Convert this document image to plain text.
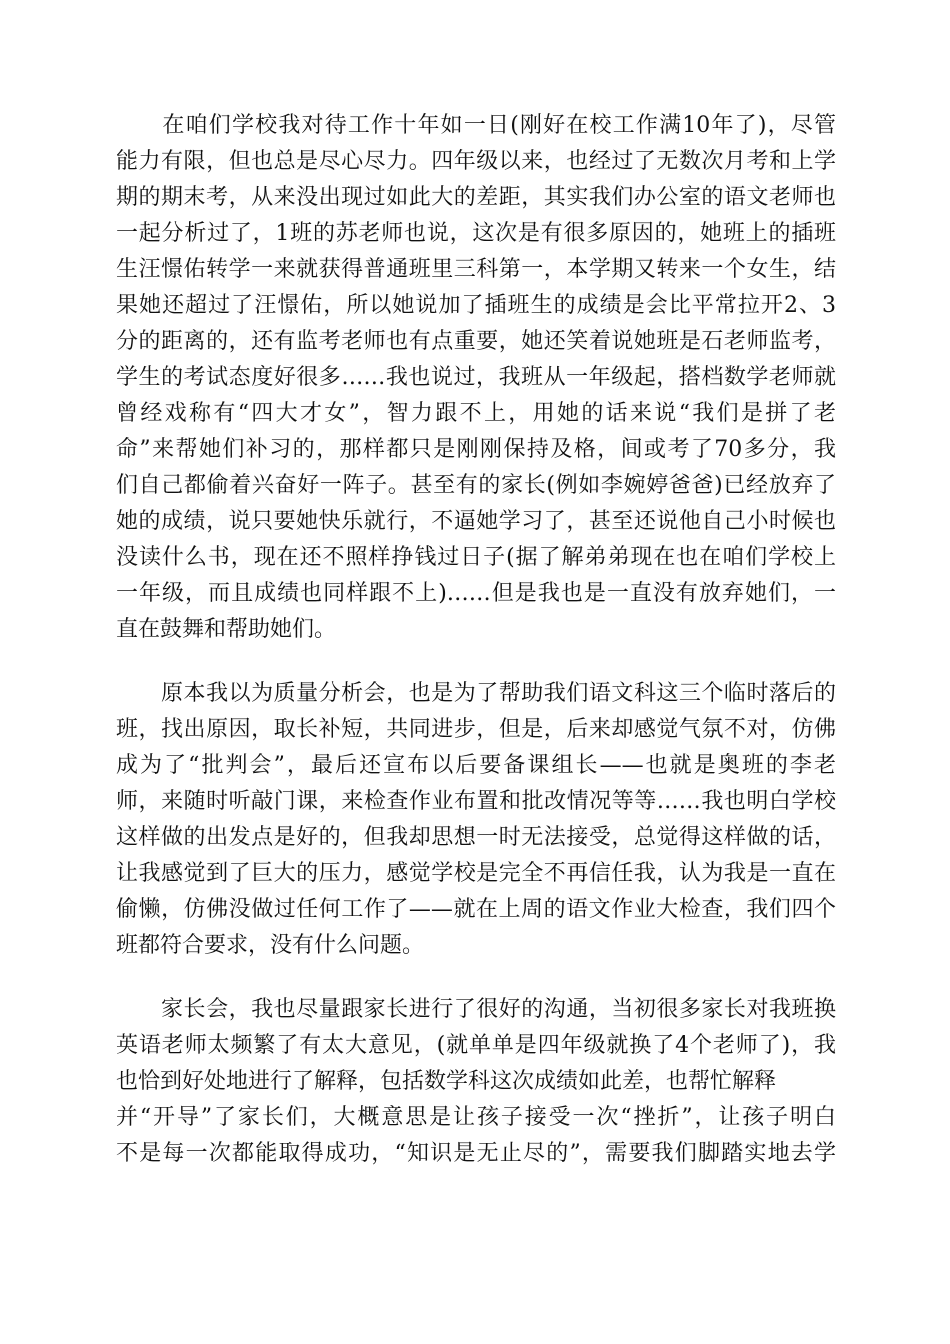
　　在咱们学校我对待工作十年如一日(刚好在校工作满10年了)，尽管
能力有限，但也总是尽心尽力。四年级以来，也经过了无数次月考和上学
期的期末考，从来没出现过如此大的差距，其实我们办公室的语文老师也
一起分析过了，1班的苏老师也说，这次是有很多原因的，她班上的插班
生汪憬佑转学一来就获得普通班里三科第一，本学期又转来一个女生，结
果她还超过了汪憬佑，所以她说加了插班生的成绩是会比平常拉开2、3
分的距离的，还有监考老师也有点重要，她还笑着说她班是石老师监考，
学生的考试态度好很多……我也说过，我班从一年级起，搭档数学老师就
曾经戏称有“四大才女”，智力跟不上，用她的话来说“我们是拼了老
命”来帮她们补习的，那样都只是刚刚保持及格，间或考了70多分，我
们自己都偷着兴奋好一阵子。甚至有的家长(例如李婉婷爸爸)已经放弃了
她的成绩，说只要她快乐就行，不逼她学习了，甚至还说他自己小时候也
没读什么书，现在还不照样挣钱过日子(据了解弟弟现在也在咱们学校上
一年级，而且成绩也同样跟不上)……但是我也是一直没有放弃她们，一
直在鼓舞和帮助她们。

　　原本我以为质量分析会，也是为了帮助我们语文科这三个临时落后的
班，找出原因，取长补短，共同进步，但是，后来却感觉气氛不对，仿佛
成为了“批判会”，最后还宣布以后要备课组长——也就是奥班的李老
师，来随时听敲门课，来检查作业布置和批改情况等等……我也明白学校
这样做的出发点是好的，但我却思想一时无法接受，总觉得这样做的话，
让我感觉到了巨大的压力，感觉学校是完全不再信任我，认为我是一直在
偷懒，仿佛没做过任何工作了——就在上周的语文作业大检查，我们四个
班都符合要求，没有什么问题。

　　家长会，我也尽量跟家长进行了很好的沟通，当初很多家长对我班换
英语老师太频繁了有太大意见，(就单单是四年级就换了4个老师了)，我
也恰到好处地进行了解释，包括数学科这次成绩如此差，也帮忙解释
并“开导”了家长们，大概意思是让孩子接受一次“挫折”，让孩子明白
不是每一次都能取得成功，“知识是无止尽的”，需要我们脚踏实地去学
